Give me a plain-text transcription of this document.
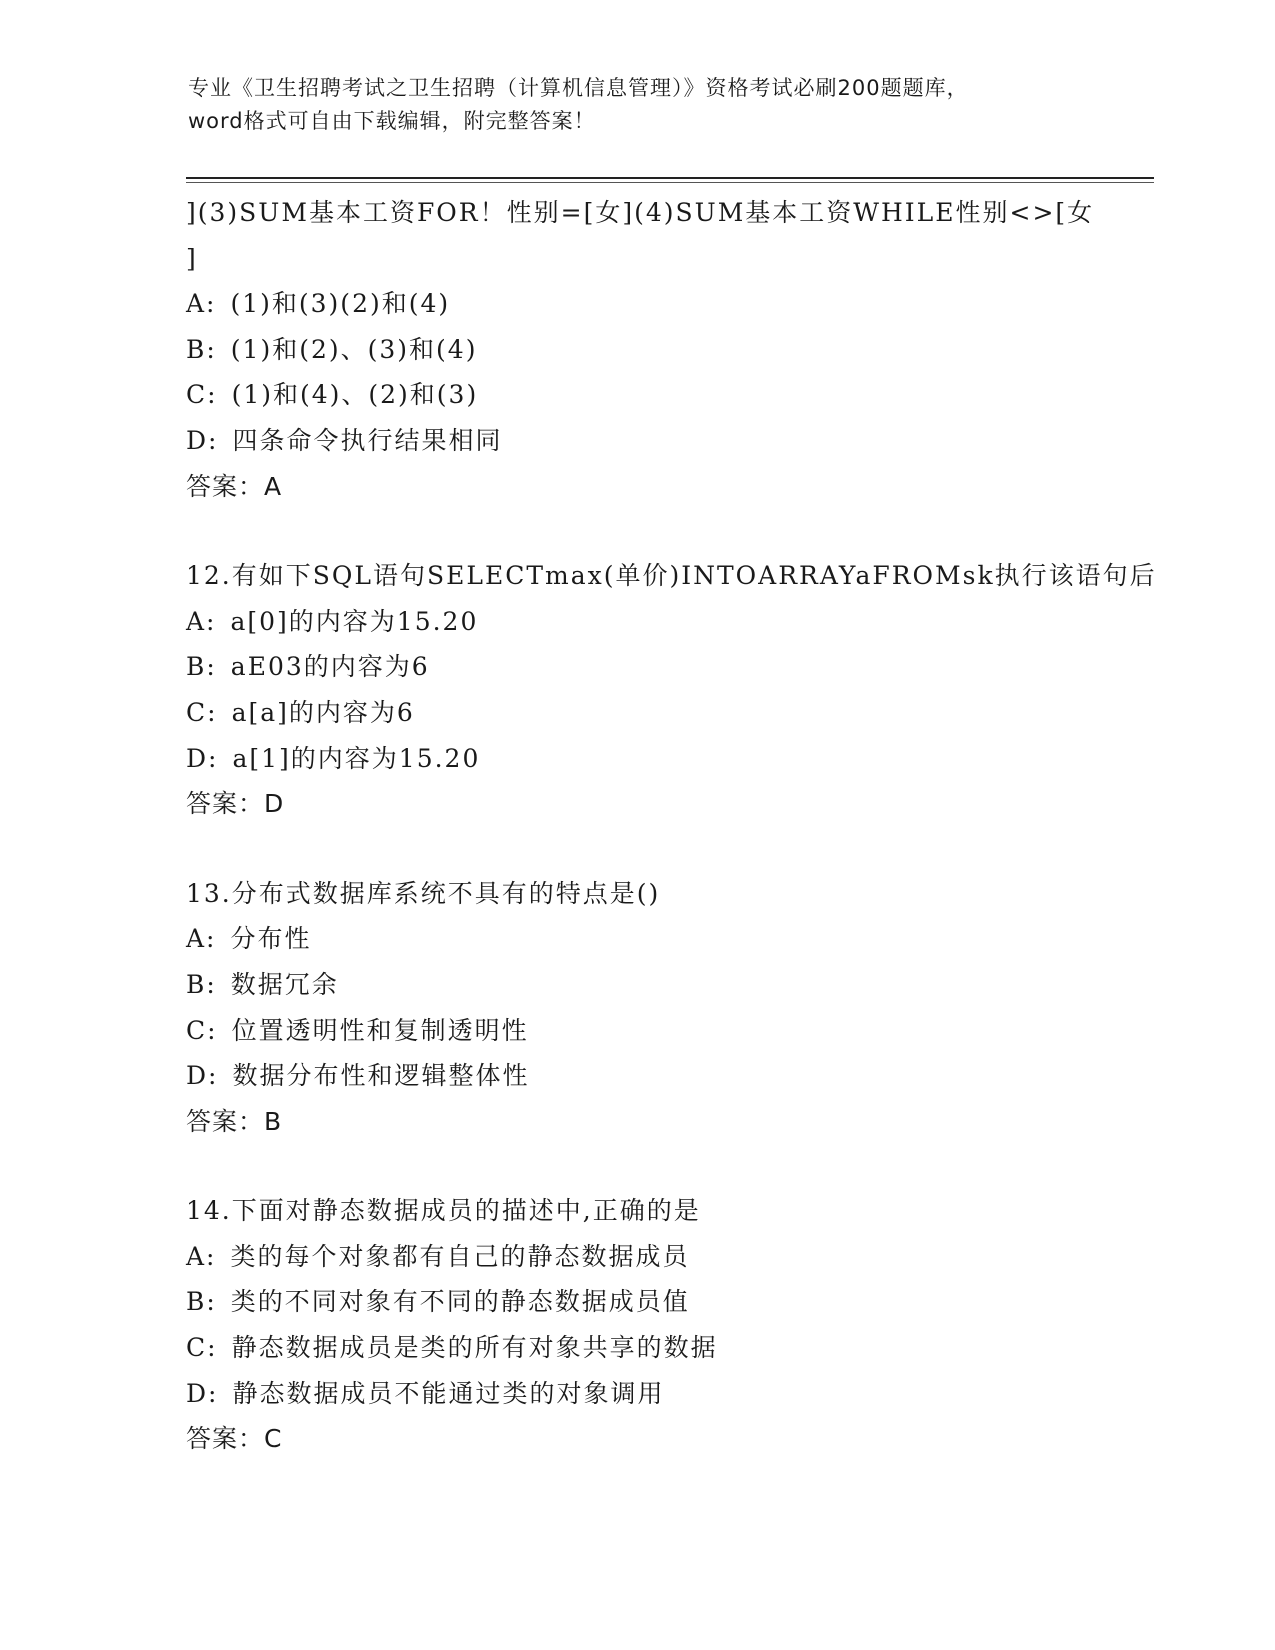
专业《卫生招聘考试之卫生招聘（计算机信息管理）》资格考试必刷200题题库，
word格式可自由下载编辑，附完整答案！
](3)SUM基本工资FOR！性别=[女](4)SUM基本工资WHILE性别<>[女
]
A: (1)和(3)(2)和(4)
B: (1)和(2)、(3)和(4)
C: (1)和(4)、(2)和(3)
D: 四条命令执行结果相同
答案：A
12.有如下SQL语句SELECTmax(单价)INTOARRAYaFROMsk执行该语句后
A: a[0]的内容为15.20
B: aE03的内容为6
C: a[a]的内容为6
D: a[1]的内容为15.20
答案：D
13.分布式数据库系统不具有的特点是()
A: 分布性
B: 数据冗余
C: 位置透明性和复制透明性
D: 数据分布性和逻辑整体性
答案：B
14.下面对静态数据成员的描述中,正确的是
A: 类的每个对象都有自己的静态数据成员
B: 类的不同对象有不同的静态数据成员值
C: 静态数据成员是类的所有对象共享的数据
D: 静态数据成员不能通过类的对象调用
答案：C
